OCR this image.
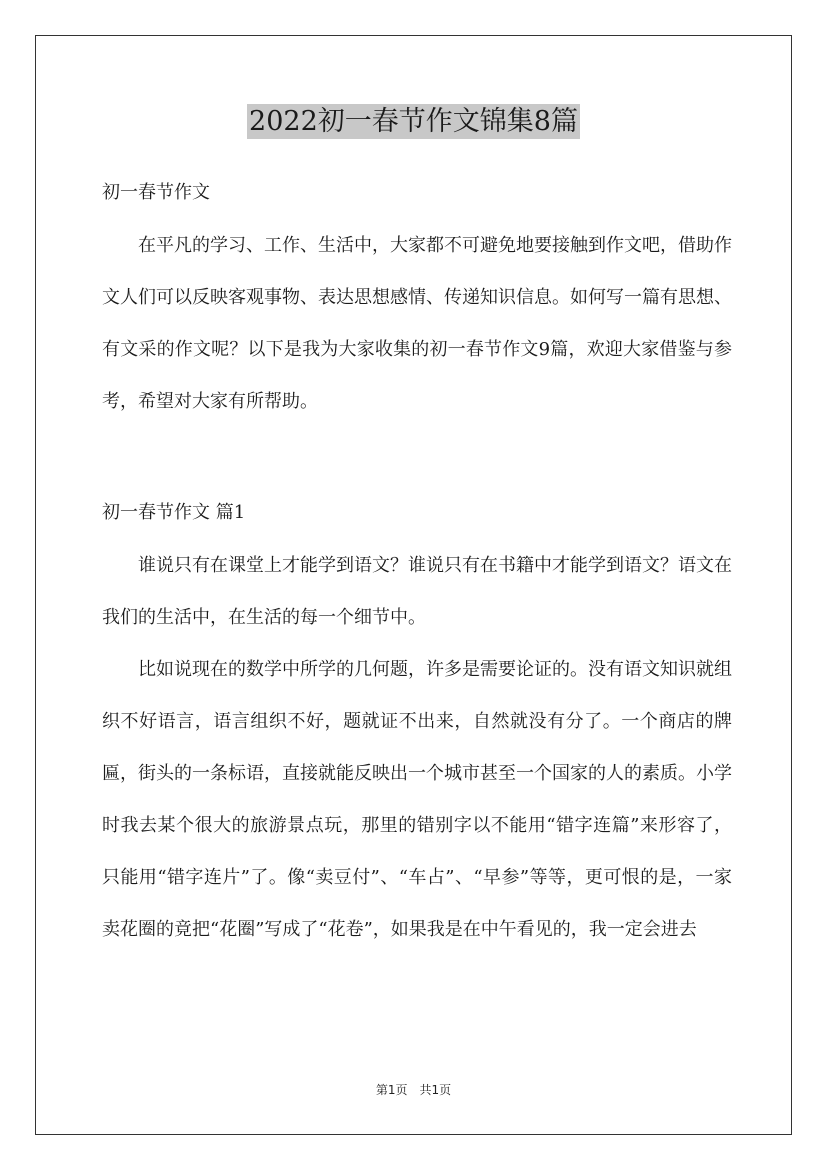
2022初一春节作文锦集8篇

初一春节作文

在平凡的学习、工作、生活中，大家都不可避免地要接触到作文吧，借助作文人们可以反映客观事物、表达思想感情、传递知识信息。如何写一篇有思想、有文采的作文呢？以下是我为大家收集的初一春节作文9篇，欢迎大家借鉴与参考，希望对大家有所帮助。

初一春节作文 篇1

谁说只有在课堂上才能学到语文？谁说只有在书籍中才能学到语文？语文在我们的生活中，在生活的每一个细节中。

比如说现在的数学中所学的几何题，许多是需要论证的。没有语文知识就组织不好语言，语言组织不好，题就证不出来，自然就没有分了。一个商店的牌匾，街头的一条标语，直接就能反映出一个城市甚至一个国家的人的素质。小学时我去某个很大的旅游景点玩，那里的错别字以不能用“错字连篇”来形容了，只能用“错字连片”了。像“卖豆付”、“车占”、“早参”等等，更可恨的是，一家卖花圈的竟把“花圈”写成了“花卷”，如果我是在中午看见的，我一定会进去

第1页 共1页
